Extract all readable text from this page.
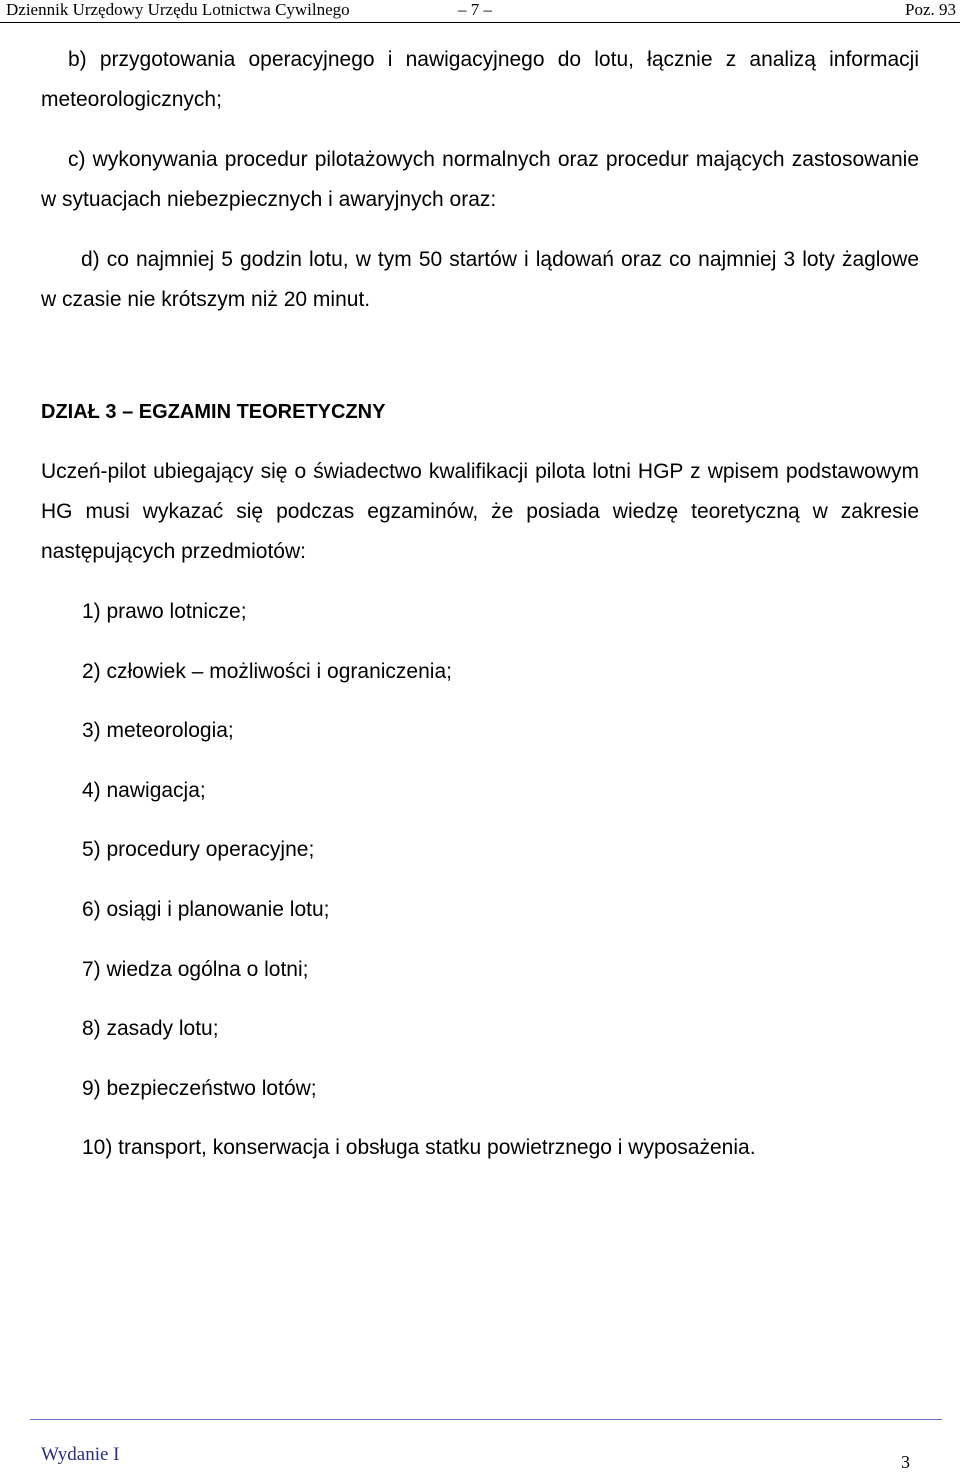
Dziennik Urzędowy Urzędu Lotnictwa Cywilnego	– 7 –	Poz. 93

b) przygotowania operacyjnego i nawigacyjnego do lotu, łącznie z analizą informacji meteorologicznych;

c) wykonywania procedur pilotażowych normalnych oraz procedur mających zastosowanie w sytuacjach niebezpiecznych i awaryjnych oraz:

d) co najmniej 5 godzin lotu, w tym 50 startów i lądowań oraz co najmniej 3 loty żaglowe w czasie nie krótszym niż 20 minut.

DZIAŁ 3 – EGZAMIN TEORETYCZNY

Uczeń-pilot ubiegający się o świadectwo kwalifikacji pilota lotni HGP z wpisem podstawowym HG musi wykazać się podczas egzaminów, że posiada wiedzę teoretyczną w zakresie następujących przedmiotów:

1) prawo lotnicze;
2) człowiek – możliwości i ograniczenia;
3) meteorologia;
4) nawigacja;
5) procedury operacyjne;
6) osiągi i planowanie lotu;
7) wiedza ogólna o lotni;
8) zasady lotu;
9) bezpieczeństwo lotów;
10) transport, konserwacja i obsługa statku powietrznego i wyposażenia.
Wydanie I	3
